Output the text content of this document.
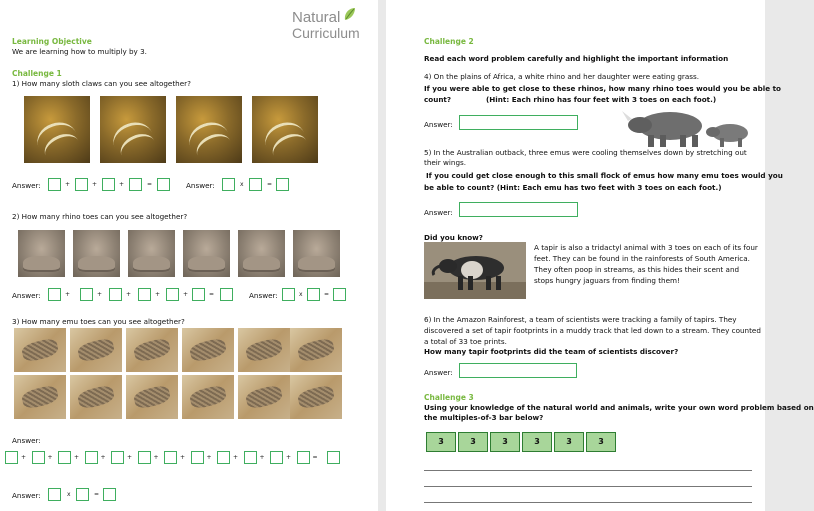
Natural
Curriculum
Learning Objective
We are learning how to multiply by 3.
Challenge 1
1) How many sloth claws can you see altogether?
Answer:	+	+	+	=	Answer:	x	=
2) How many rhino toes can you see altogether?
Answer:	+	+	+	+	+	=	Answer:	x	=
3) How many emu toes can you see altogether?
Answer:
+	+	+	+	+	+	+	+	+	+	+	=
Answer:	x	=
Challenge 2
Read each word problem carefully and highlight the important information
4) On the plains of Africa, a white rhino and her daughter were eating grass.
If you were able to get close to these rhinos, how many rhino toes would you be able to
count?	(Hint: Each rhino has four feet with 3 toes on each foot.)
Answer:
5) In the Australian outback, three emus were cooling themselves down by stretching out
their wings.
If you could get close enough to this small flock of emus how many emu toes would you
be able to count? (Hint: Each emu has two feet with 3 toes on each foot.)
Answer:
Did you know?
A tapir is also a tridactyl animal with 3 toes on each of its four feet. They can be found in the rainforests of South America. They often poop in streams, as this hides their scent and stops hungry jaguars from finding them!
6) In the Amazon Rainforest, a team of scientists were tracking a family of tapirs. They
discovered a set of tapir footprints in a muddy track that led down to a stream. They counted
a total of 33 toe prints.
How many tapir footprints did the team of scientists discover?
Answer:
Challenge 3
Using your knowledge of the natural world and animals, write your own word problem based on
the multiples-of-3 bar below?
3	3	3	3	3	3
